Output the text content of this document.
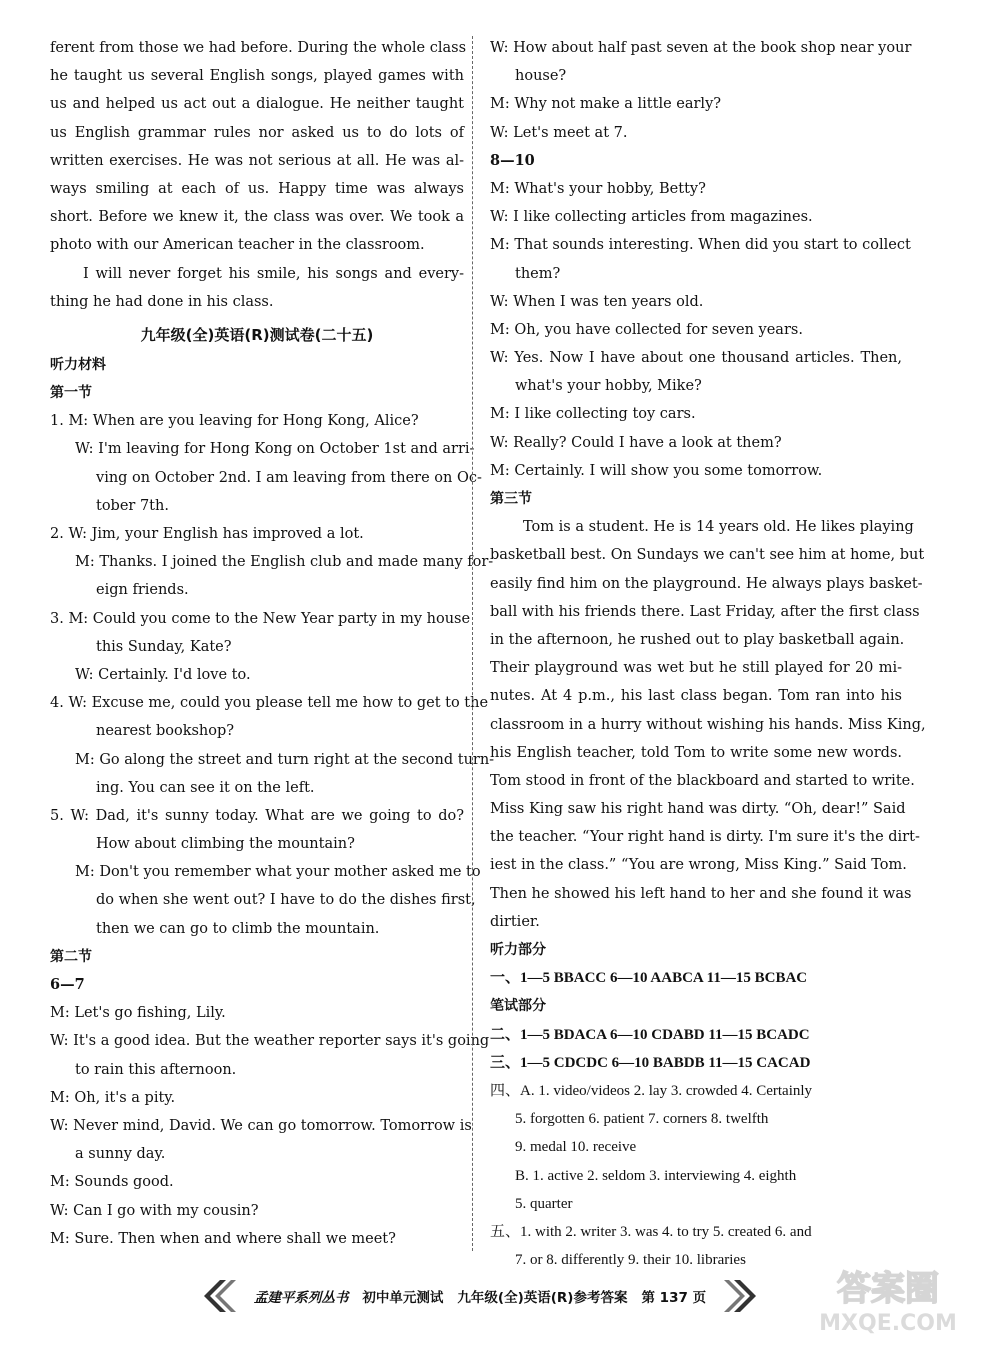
ferent from those we had before. During the whole class
he taught us several English songs, played games with
us and helped us act out a dialogue. He neither taught
us English grammar rules nor asked us to do lots of
written exercises. He was not serious at all. He was al-
ways smiling at each of us. Happy time was always
short. Before we knew it, the class was over. We took a
photo with our American teacher in the classroom.
I will never forget his smile, his songs and every-
thing he had done in his class.
九年级(全)英语(R)测试卷(二十五)
听力材料
第一节
1. M: When are you leaving for Hong Kong, Alice?
W: I'm leaving for Hong Kong on October 1st and arri-
ving on October 2nd. I am leaving from there on Oc-
tober 7th.
2. W: Jim, your English has improved a lot.
M: Thanks. I joined the English club and made many for-
eign friends.
3. M: Could you come to the New Year party in my house
this Sunday, Kate?
W: Certainly. I'd love to.
4. W: Excuse me, could you please tell me how to get to the
nearest bookshop?
M: Go along the street and turn right at the second turn-
ing. You can see it on the left.
5. W: Dad, it's sunny today. What are we going to do?
How about climbing the mountain?
M: Don't you remember what your mother asked me to
do when she went out? I have to do the dishes first,
then we can go to climb the mountain.
第二节
6—7
M: Let's go fishing, Lily.
W: It's a good idea. But the weather reporter says it's going
to rain this afternoon.
M: Oh, it's a pity.
W: Never mind, David. We can go tomorrow. Tomorrow is
a sunny day.
M: Sounds good.
W: Can I go with my cousin?
M: Sure. Then when and where shall we meet?
W: How about half past seven at the book shop near your
house?
M: Why not make a little early?
W: Let's meet at 7.
8—10
M: What's your hobby, Betty?
W: I like collecting articles from magazines.
M: That sounds interesting. When did you start to collect
them?
W: When I was ten years old.
M: Oh, you have collected for seven years.
W: Yes. Now I have about one thousand articles. Then,
what's your hobby, Mike?
M: I like collecting toy cars.
W: Really? Could I have a look at them?
M: Certainly. I will show you some tomorrow.
第三节
Tom is a student. He is 14 years old. He likes playing
basketball best. On Sundays we can't see him at home, but
easily find him on the playground. He always plays basket-
ball with his friends there. Last Friday, after the first class
in the afternoon, he rushed out to play basketball again.
Their playground was wet but he still played for 20 mi-
nutes. At 4 p.m., his last class began. Tom ran into his
classroom in a hurry without wishing his hands. Miss King,
his English teacher, told Tom to write some new words.
Tom stood in front of the blackboard and started to write.
Miss King saw his right hand was dirty. “Oh, dear!” Said
the teacher. “Your right hand is dirty. I'm sure it's the dirt-
iest in the class.” “You are wrong, Miss King.” Said Tom.
Then he showed his left hand to her and she found it was
dirtier.
听力部分
一、1—5 BBACC 6—10 AABCA 11—15 BCBAC
笔试部分
二、1—5 BDACA 6—10 CDABD 11—15 BCADC
三、1—5 CDCDC 6—10 BABDB 11—15 CACAD
四、A. 1. video/videos 2. lay 3. crowded 4. Certainly
5. forgotten 6. patient 7. corners 8. twelfth
9. medal 10. receive
B. 1. active 2. seldom 3. interviewing 4. eighth
5. quarter
五、1. with 2. writer 3. was 4. to try 5. created 6. and
7. or 8. differently 9. their 10. libraries
孟建平系列丛书 初中单元测试 九年级(全)英语(R)参考答案 第 137 页	答案圈
MXQE.COM
